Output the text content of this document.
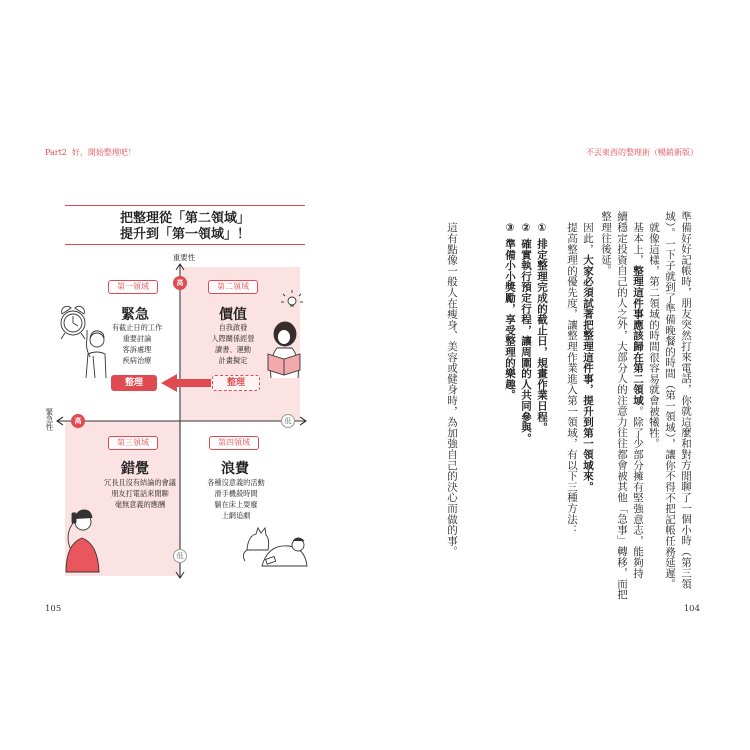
Part2 好，開始整理吧！
把整理從「第二領域」
提升到「第一領域」！
重要性
緊急性
高
高	低
低
第一領域
緊急
有截止日的工作
重要討論
客訴處理
疾病治療
第二領域
價值
自我啟發
人際關係經營
讀書、運動
計畫擬定
整理	整理
第三領域
錯覺
冗長且沒有結論的會議
朋友打電話來閒聊
毫無意義的應酬
第四領域
浪費
各種沒意義的活動
滑手機殺時間
躺在床上耍廢
上網追劇
105
不丟東西的整理術（暢銷新版）
準備好好記帳時，朋友突然打來電話，你就這麼和對方閒聊了一個小時（第三領
域）。一下子就到了準備晚餐的時間（第一領域），讓你不得不把記帳任務延遲。
就像這樣，第二領域的時間很容易就會被犧牲。
基本上，整理這件事應該歸在第二領域。除了少部分擁有堅強意志，能夠持
續穩定投資自己的人之外，大部分人的注意力往往都會被其他「急事」轉移，而把
整理往後延。
因此，大家必須試著把整理這件事，提升到第一領域來。
提高整理的優先度，讓整理作業進入第一領域，有以下三種方法：
① 排定整理完成的截止日，規畫作業日程。
② 確實執行預定行程，讓周圍的人共同參與。
③ 準備小小獎勵，享受整理的樂趣。
這有點像一般人在瘦身、美容或健身時，為加強自己的決心而做的事。
104
